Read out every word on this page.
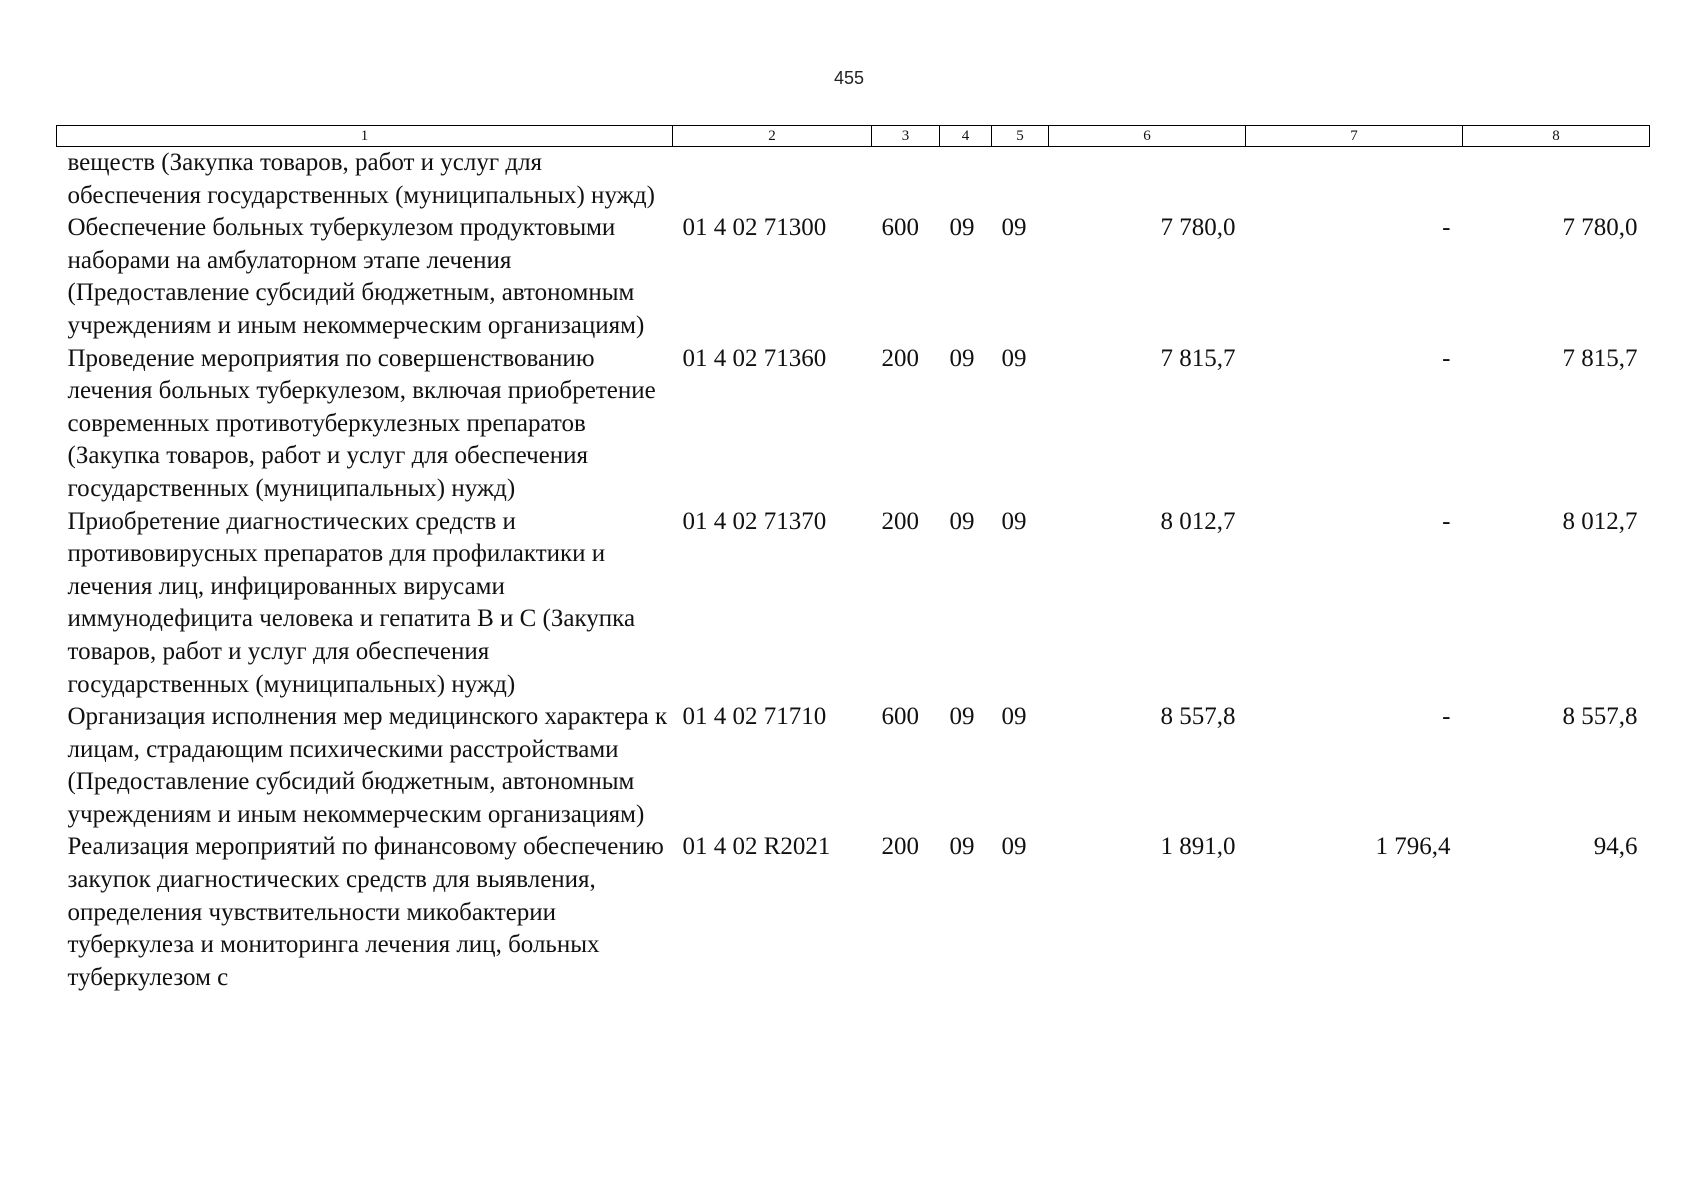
455
1	2	3	4	5	6	7	8
веществ (Закупка товаров, работ и услуг для обеспечения государственных (муниципальных) нужд)							
Обеспечение больных туберкулезом продуктовыми наборами на амбулаторном этапе лечения (Предоставление субсидий бюджетным, автономным учреждениям и иным некоммерческим организациям)	01 4 02 71300	600	09	09	7 780,0	-	7 780,0
Проведение мероприятия по совершенствованию лечения больных туберкулезом, включая приобретение современных противотуберкулезных препаратов (Закупка товаров, работ и услуг для обеспечения государственных (муниципальных) нужд)	01 4 02 71360	200	09	09	7 815,7	-	7 815,7
Приобретение диагностических средств и противовирусных препаратов для профилактики и лечения лиц, инфицированных вирусами иммунодефицита человека и гепатита B и C (Закупка товаров, работ и услуг для обеспечения государственных (муниципальных) нужд)	01 4 02 71370	200	09	09	8 012,7	-	8 012,7
Организация исполнения мер медицинского характера к лицам, страдающим психическими расстройствами (Предоставление субсидий бюджетным, автономным учреждениям и иным некоммерческим организациям)	01 4 02 71710	600	09	09	8 557,8	-	8 557,8
Реализация мероприятий по финансовому обеспечению закупок диагностических средств для выявления, определения чувствительности микобактерии туберкулеза и мониторинга лечения лиц, больных туберкулезом с	01 4 02 R2021	200	09	09	1 891,0	1 796,4	94,6
